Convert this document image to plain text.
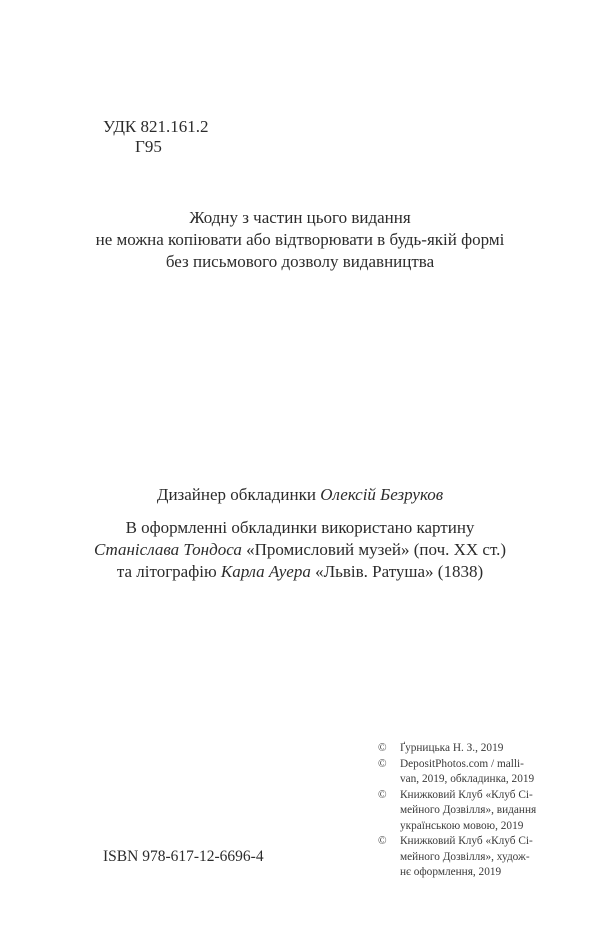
УДК 821.161.2
Г95
Жодну з частин цього видання
не можна копіювати або відтворювати в будь-якій формі
без письмового дозволу видавництва
Дизайнер обкладинки Олексій Безруков
В оформленні обкладинки використано картину
Станіслава Тондоса «Промисловий музей» (поч. XX ст.)
та літографію Карла Ауера «Львів. Ратуша» (1838)
©	Ґурницька Н. З., 2019
©	DepositPhotos.com / malli-
van, 2019, обкладинка, 2019
©	Книжковий Клуб «Клуб Сі-
мейного Дозвілля», видання
українською мовою, 2019
©	Книжковий Клуб «Клуб Сі-
мейного Дозвілля», худож-
нє оформлення, 2019
ISBN 978-617-12-6696-4
